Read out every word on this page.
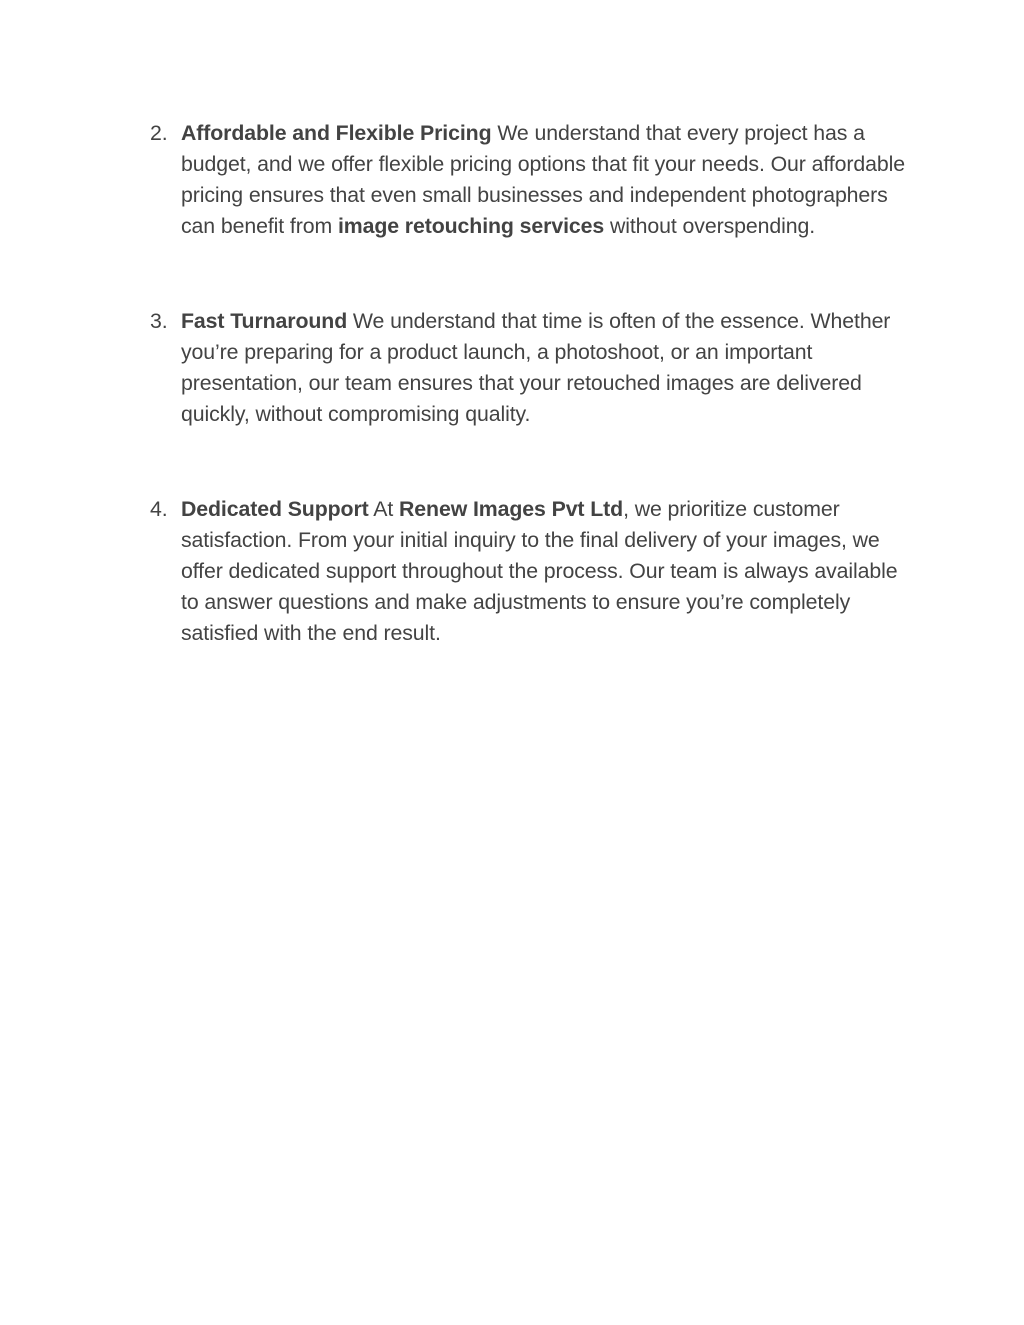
2. Affordable and Flexible Pricing We understand that every project has a budget, and we offer flexible pricing options that fit your needs. Our affordable pricing ensures that even small businesses and independent photographers can benefit from image retouching services without overspending.
3. Fast Turnaround We understand that time is often of the essence. Whether you’re preparing for a product launch, a photoshoot, or an important presentation, our team ensures that your retouched images are delivered quickly, without compromising quality.
4. Dedicated Support At Renew Images Pvt Ltd, we prioritize customer satisfaction. From your initial inquiry to the final delivery of your images, we offer dedicated support throughout the process. Our team is always available to answer questions and make adjustments to ensure you’re completely satisfied with the end result.
